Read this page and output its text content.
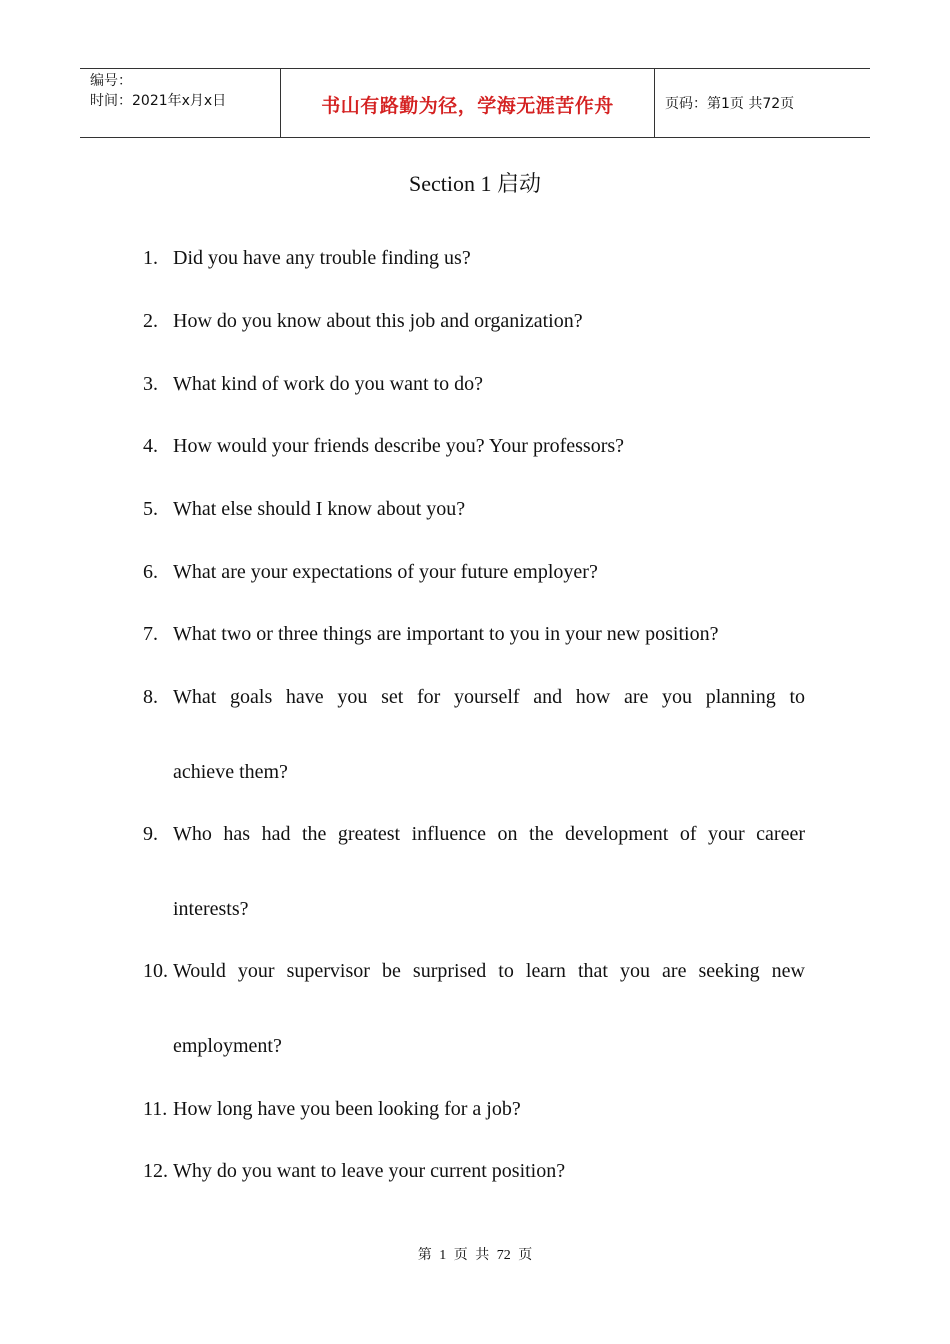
编号：
时间：2021年x月x日	书山有路勤为径，学海无涯苦作舟	页码：第1页 共72页
Section 1 启动
1. Did you have any trouble finding us?
2. How do you know about this job and organization?
3. What kind of work do you want to do?
4. How would your friends describe you? Your professors?
5. What else should I know about you?
6. What are your expectations of your future employer?
7. What two or three things are important to you in your new position?
8. What goals have you set for yourself and how are you planning to
achieve them?
9. Who has had the greatest influence on the development of your career
interests?
10. Would your supervisor be surprised to learn that you are seeking new
employment?
11. How long have you been looking for a job?
12. Why do you want to leave your current position?
第 1 页 共 72 页
